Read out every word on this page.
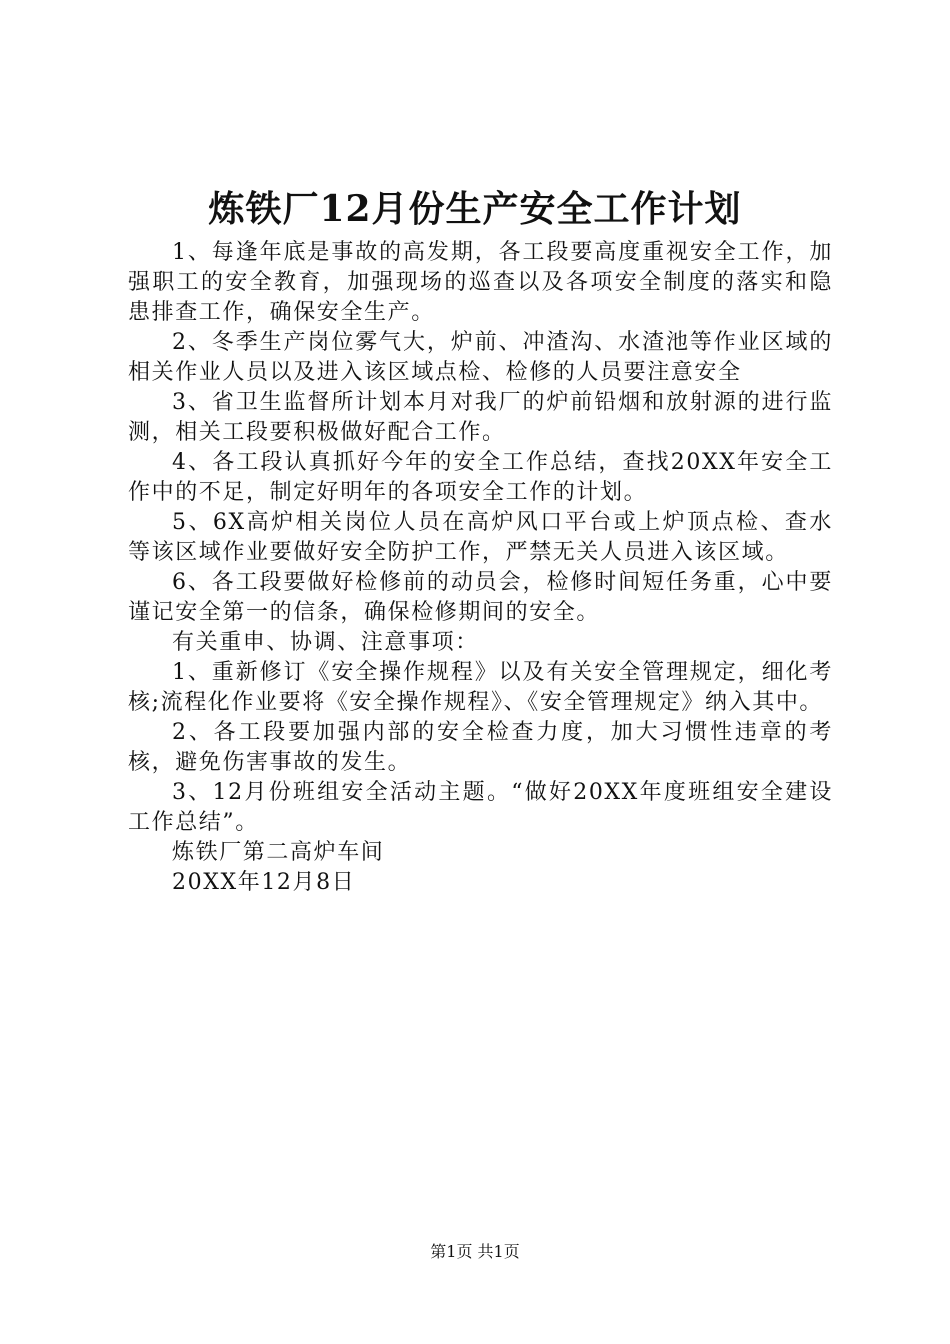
炼铁厂12月份生产安全工作计划

1、每逢年底是事故的高发期，各工段要高度重视安全工作，加强职工的安全教育，加强现场的巡查以及各项安全制度的落实和隐患排查工作，确保安全生产。

2、冬季生产岗位雾气大，炉前、冲渣沟、水渣池等作业区域的相关作业人员以及进入该区域点检、检修的人员要注意安全

3、省卫生监督所计划本月对我厂的炉前铅烟和放射源的进行监测，相关工段要积极做好配合工作。

4、各工段认真抓好今年的安全工作总结，查找20XX年安全工作中的不足，制定好明年的各项安全工作的计划。

5、6X高炉相关岗位人员在高炉风口平台或上炉顶点检、查水等该区域作业要做好安全防护工作，严禁无关人员进入该区域。

6、各工段要做好检修前的动员会，检修时间短任务重，心中要谨记安全第一的信条，确保检修期间的安全。

有关重申、协调、注意事项：

1、重新修订《安全操作规程》以及有关安全管理规定，细化考核;流程化作业要将《安全操作规程》、《安全管理规定》纳入其中。

2、各工段要加强内部的安全检查力度，加大习惯性违章的考核，避免伤害事故的发生。

3、12月份班组安全活动主题。“做好20XX年度班组安全建设工作总结”。

炼铁厂第二高炉车间

20XX年12月8日

第1页 共1页
